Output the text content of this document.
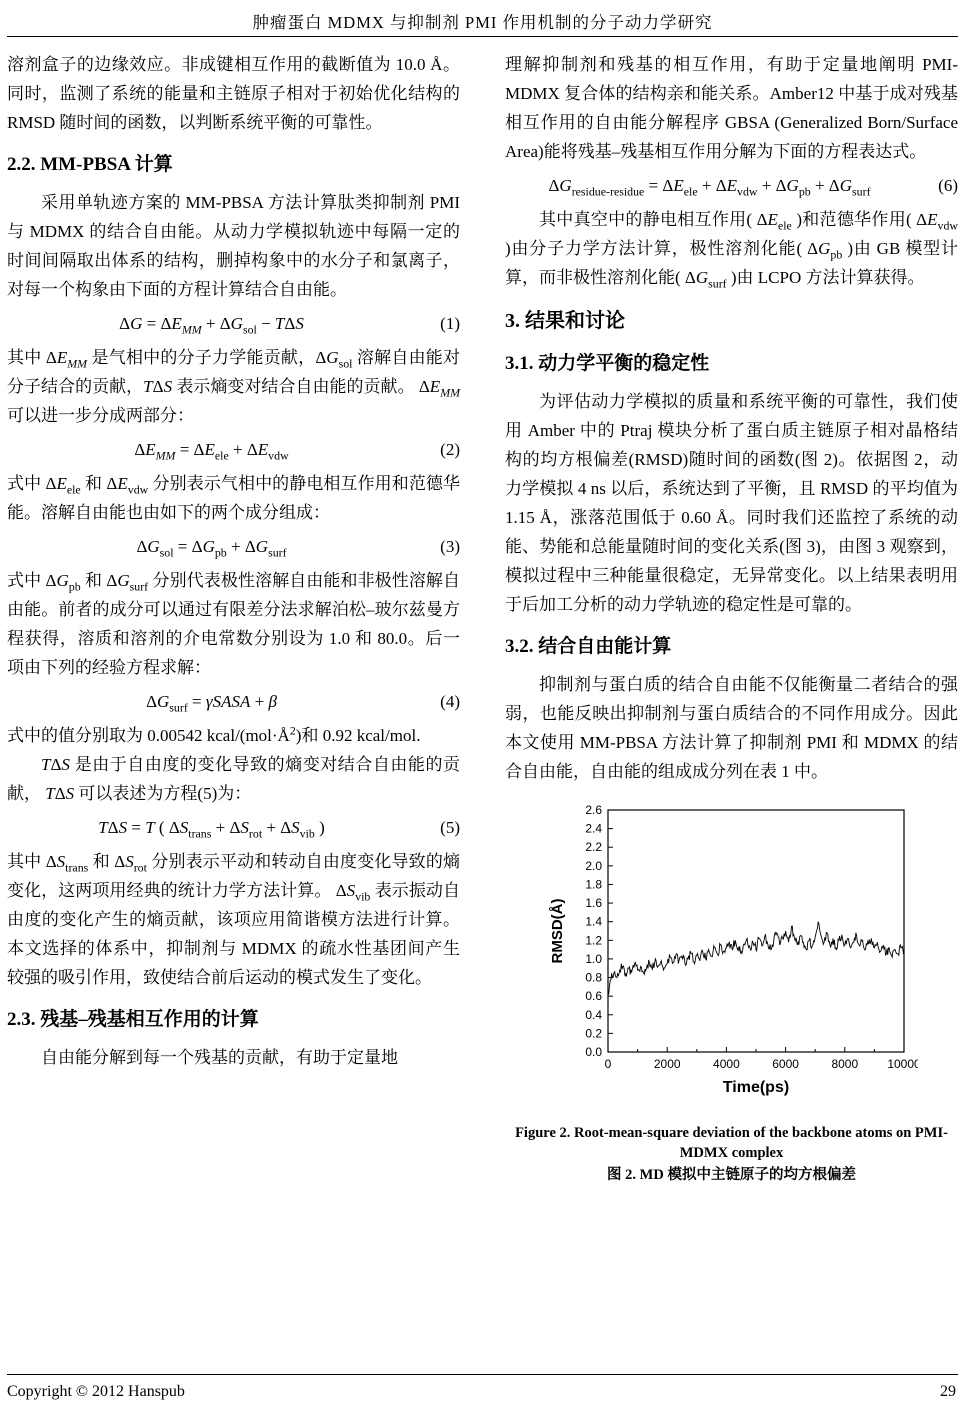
肿瘤蛋白 MDMX 与抑制剂 PMI 作用机制的分子动力学研究

溶剂盒子的边缘效应。非成键相互作用的截断值为 10.0 Å。同时，监测了系统的能量和主链原子相对于初始优化结构的 RMSD 随时间的函数，以判断系统平衡的可靠性。

2.2. MM-PBSA 计算

采用单轨迹方案的 MM-PBSA 方法计算肽类抑制剂 PMI 与 MDMX 的结合自由能。从动力学模拟轨迹中每隔一定的时间间隔取出体系的结构，删掉构象中的水分子和氯离子，对每一个构象由下面的方程计算结合自由能。

$\Delta G = \Delta E_{MM} + \Delta G_{sol} - T\Delta S$	(1)

其中 $\Delta E_{MM}$ 是气相中的分子力学能贡献，$\Delta G_{sol}$ 溶解自由能对分子结合的贡献，TΔS 表示熵变对结合自由能的贡献。 $\Delta E_{MM}$ 可以进一步分成两部分：

$\Delta E_{MM} = \Delta E_{ele} + \Delta E_{vdw}$	(2)

式中 $\Delta E_{ele}$ 和 $\Delta E_{vdw}$ 分别表示气相中的静电相互作用和范德华能。溶解自由能也由如下的两个成分组成：

$\Delta G_{sol} = \Delta G_{pb} + \Delta G_{surf}$	(3)

式中 $\Delta G_{pb}$ 和 $\Delta G_{surf}$ 分别代表极性溶解自由能和非极性溶解自由能。前者的成分可以通过有限差分法求解泊松–玻尔兹曼方程获得，溶质和溶剂的介电常数分别设为 1.0 和 80.0。后一项由下列的经验方程求解：

$\Delta G_{surf}$ = γSASA + β	(4)

式中的值分别取为 0.00542 kcal/$(mol\cdot Å^2)$和 0.92 kcal/mol.

TΔS 是由于自由度的变化导致的熵变对结合自由能的贡献， TΔS 可以表述为方程(5)为：

TΔS = T ( $\Delta S_{trans} + \Delta S_{rot} + \Delta S_{vib}$ )	(5)

其中 $\Delta S_{trans}$ 和 $\Delta S_{rot}$ 分别表示平动和转动自由度变化导致的熵变化，这两项用经典的统计力学方法计算。 $\Delta S_{vib}$ 表示振动自由度的变化产生的熵贡献，该项应用简谐模方法进行计算。本文选择的体系中，抑制剂与 MDMX 的疏水性基团间产生较强的吸引作用，致使结合前后运动的模式发生了变化。

2.3. 残基–残基相互作用的计算

自由能分解到每一个残基的贡献，有助于定量地

理解抑制剂和残基的相互作用，有助于定量地阐明 PMI-MDMX 复合体的结构亲和能关系。Amber12 中基于成对残基相互作用的自由能分解程序 GBSA (Generalized Born/Surface Area)能将残基–残基相互作用分解为下面的方程表达式。

$\Delta G_{residue-residue} = \Delta E_{ele} + \Delta E_{vdw} + \Delta G_{pb} + \Delta G_{surf}$	(6)

其中真空中的静电相互作用( $\Delta E_{ele}$ )和范德华作用( $\Delta E_{vdw}$ )由分子力学方法计算，极性溶剂化能( $\Delta G_{pb}$ )由 GB 模型计算，而非极性溶剂化能( $\Delta G_{surf}$ )由 LCPO 方法计算获得。

3. 结果和讨论
3.1. 动力学平衡的稳定性

为评估动力学模拟的质量和系统平衡的可靠性，我们使用 Amber 中的 Ptraj 模块分析了蛋白质主链原子相对晶格结构的均方根偏差(RMSD)随时间的函数(图 2)。依据图 2，动力学模拟 4 ns 以后，系统达到了平衡，且 RMSD 的平均值为 1.15 Å，涨落范围低于 0.60 Å。同时我们还监控了系统的动能、势能和总能量随时间的变化关系(图 3)，由图 3 观察到，模拟过程中三种能量很稳定，无异常变化。以上结果表明用于后加工分析的动力学轨迹的稳定性是可靠的。

3.2. 结合自由能计算

抑制剂与蛋白质的结合自由能不仅能衡量二者结合的强弱，也能反映出抑制剂与蛋白质结合的不同作用成分。因此本文使用 MM-PBSA 方法计算了抑制剂 PMI 和 MDMX 的结合自由能，自由能的组成成分列在表 1 中。

0.0
0.2
0.4
0.6
0.8
1.0
1.2
1.4
1.6
1.8
2.0
2.2
2.4
2.6
0	2000	4000	6000	8000 10000
Time(ps)
RMSD(Å)
Figure 2. Root-mean-square deviation of the backbone atoms on PMI-MDMX complex
图 2. MD 模拟中主链原子的均方根偏差
Copyright © 2012 Hanspub	29
